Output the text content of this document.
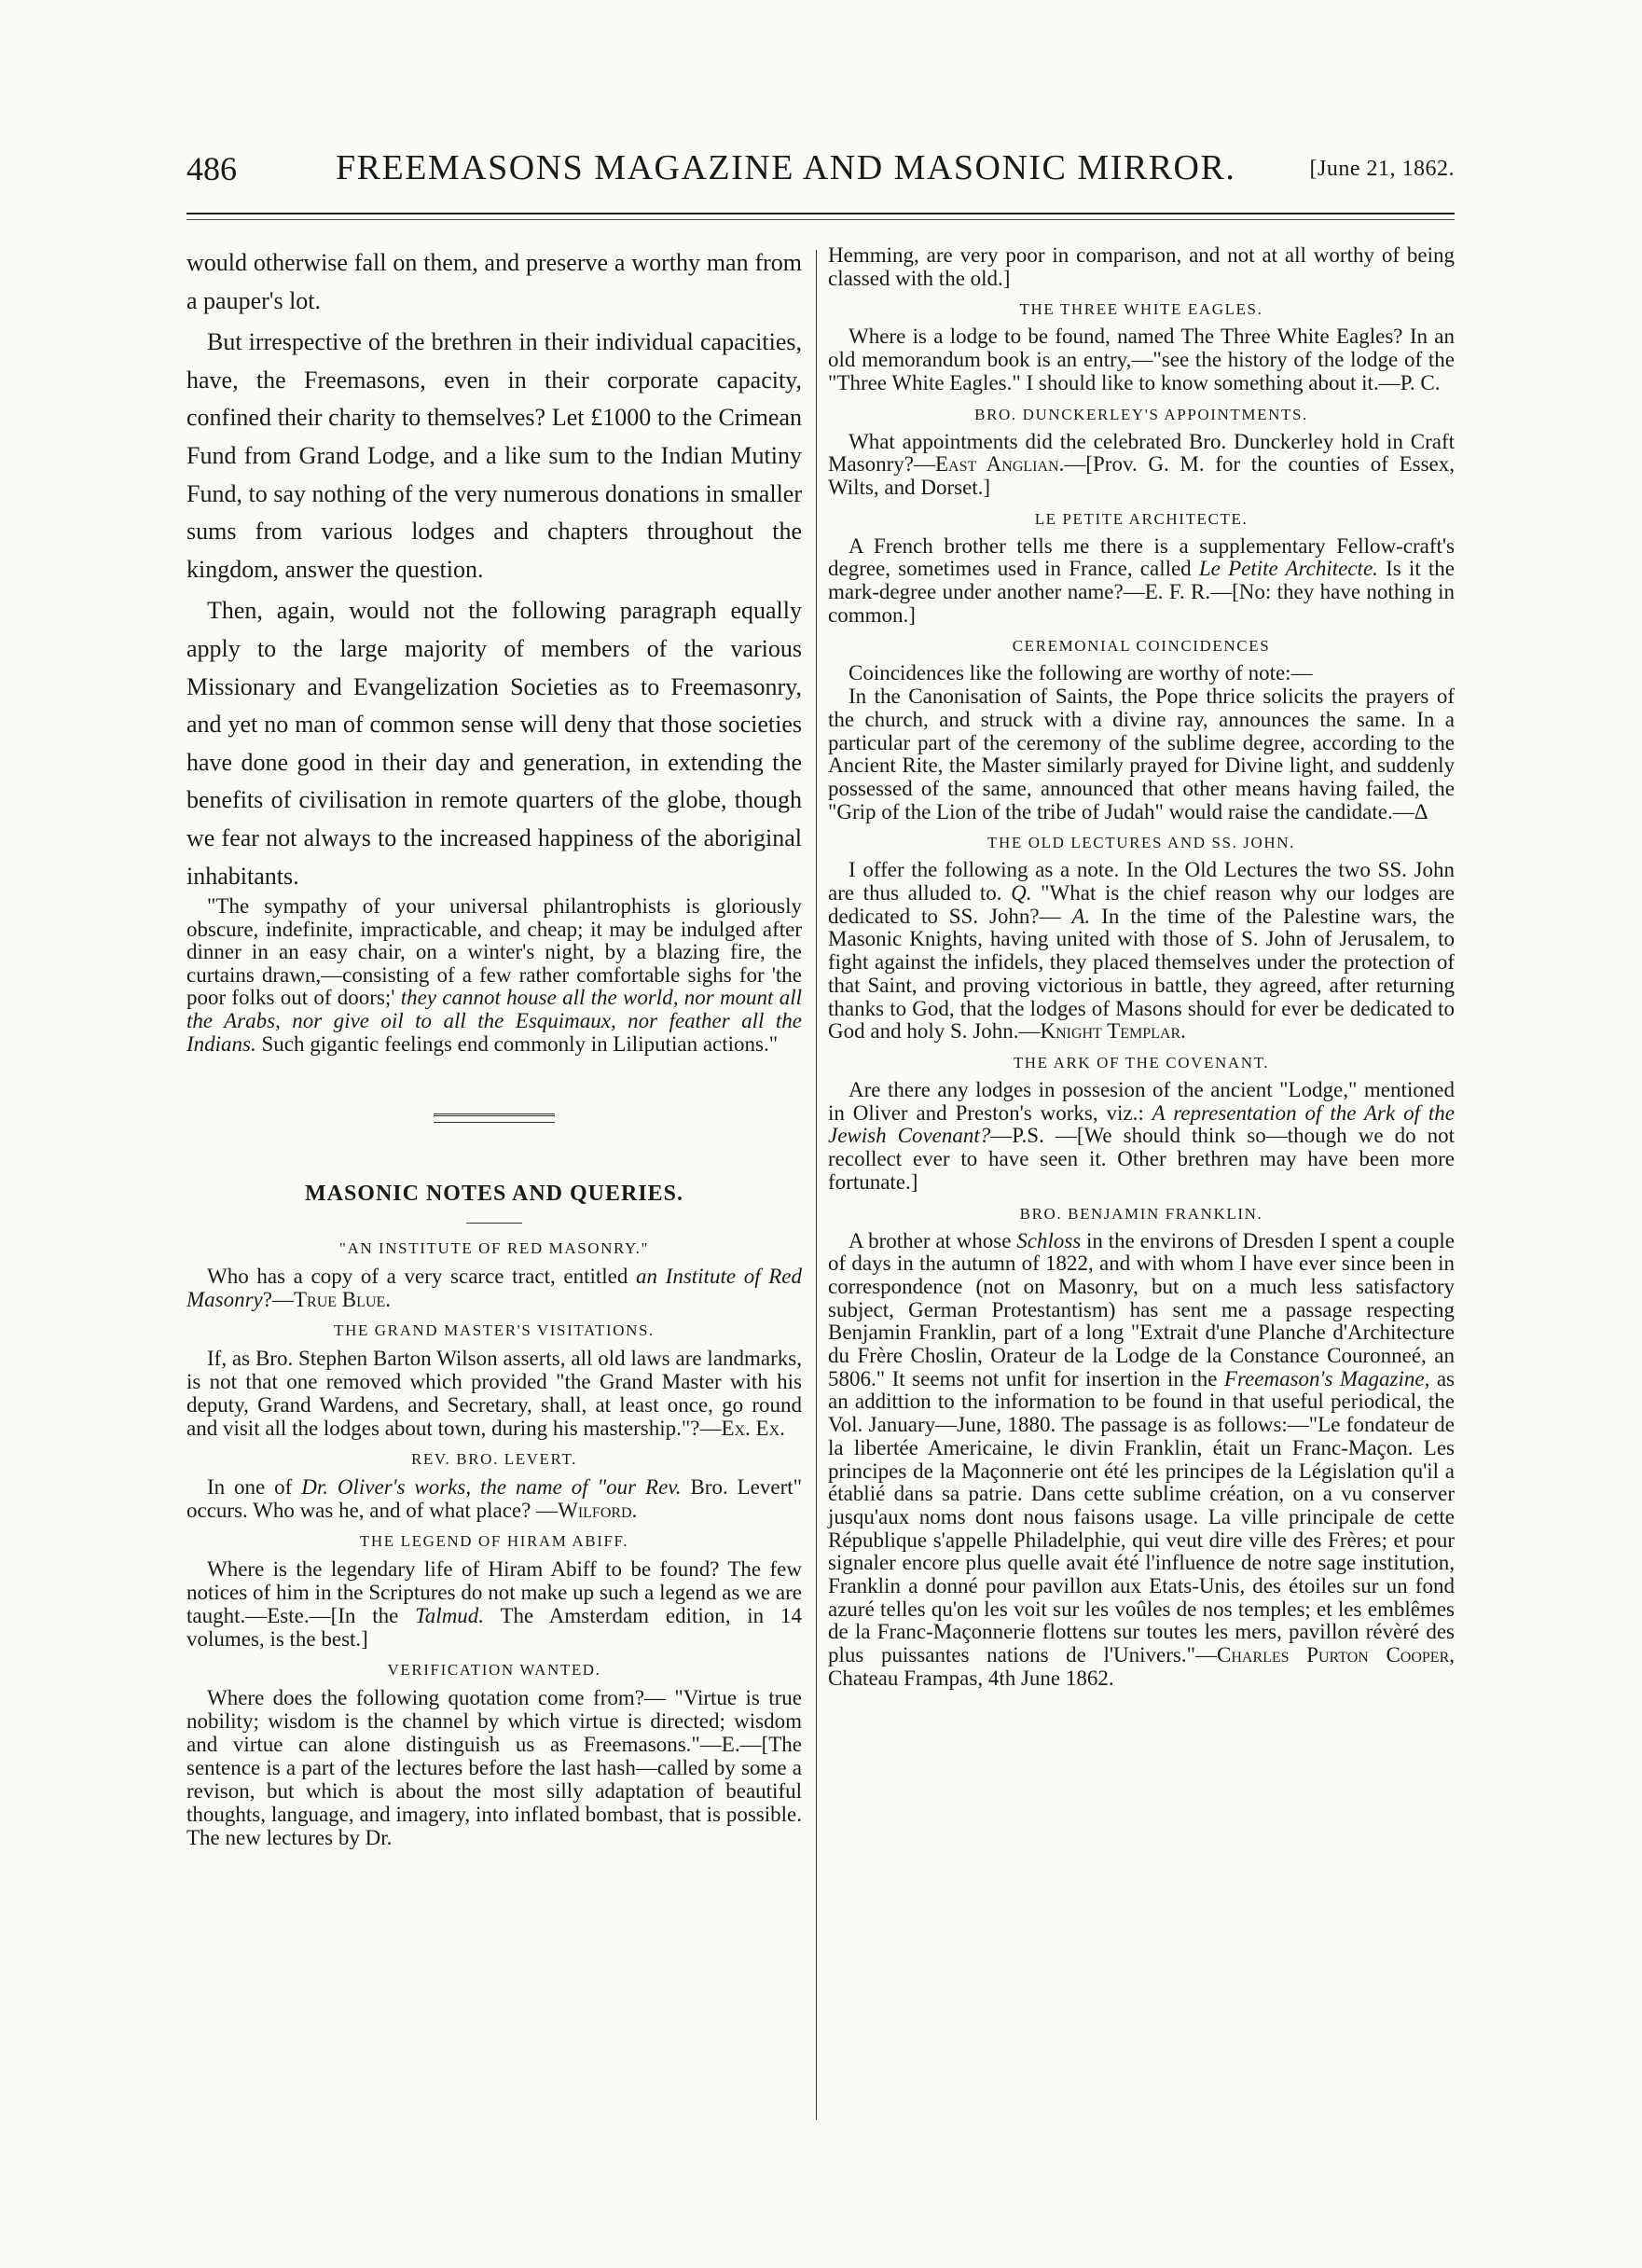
486	FREEMASONS MAGAZINE AND MASONIC MIRROR.	[June 21, 1862.

would otherwise fall on them, and preserve a worthy man from a pauper's lot.

But irrespective of the brethren in their individual capacities, have, the Freemasons, even in their corporate capacity, confined their charity to themselves? Let £1000 to the Crimean Fund from Grand Lodge, and a like sum to the Indian Mutiny Fund, to say nothing of the very numerous donations in smaller sums from various lodges and chapters throughout the kingdom, answer the question.

Then, again, would not the following paragraph equally apply to the large majority of members of the various Missionary and Evangelization Societies as to Freemasonry, and yet no man of common sense will deny that those societies have done good in their day and generation, in extending the benefits of civilisation in remote quarters of the globe, though we fear not always to the increased happiness of the aboriginal inhabitants.

"The sympathy of your universal philantrophists is gloriously obscure, indefinite, impracticable, and cheap; it may be indulged after dinner in an easy chair, on a winter's night, by a blazing fire, the curtains drawn,—consisting of a few rather comfortable sighs for 'the poor folks out of doors;' they cannot house all the world, nor mount all the Arabs, nor give oil to all the Esquimaux, nor feather all the Indians. Such gigantic feelings end commonly in Liliputian actions."

MASONIC NOTES AND QUERIES.
"AN INSTITUTE OF RED MASONRY."

Who has a copy of a very scarce tract, entitled an Institute of Red Masonry?—True Blue.

THE GRAND MASTER'S VISITATIONS.

If, as Bro. Stephen Barton Wilson asserts, all old laws are landmarks, is not that one removed which provided "the Grand Master with his deputy, Grand Wardens, and Secretary, shall, at least once, go round and visit all the lodges about town, during his mastership."?—Ex. Ex.

REV. BRO. LEVERT.

In one of Dr. Oliver's works, the name of "our Rev. Bro. Levert" occurs. Who was he, and of what place? —Wilford.

THE LEGEND OF HIRAM ABIFF.

Where is the legendary life of Hiram Abiff to be found? The few notices of him in the Scriptures do not make up such a legend as we are taught.—Este.—[In the Talmud. The Amsterdam edition, in 14 volumes, is the best.]

VERIFICATION WANTED.

Where does the following quotation come from?— "Virtue is true nobility; wisdom is the channel by which virtue is directed; wisdom and virtue can alone distinguish us as Freemasons."—E.—[The sentence is a part of the lectures before the last hash—called by some a revison, but which is about the most silly adaptation of beautiful thoughts, language, and imagery, into inflated bombast, that is possible. The new lectures by Dr.

Hemming, are very poor in comparison, and not at all worthy of being classed with the old.]

THE THREE WHITE EAGLES.

Where is a lodge to be found, named The Three White Eagles? In an old memorandum book is an entry,—"see the history of the lodge of the "Three White Eagles." I should like to know something about it.—P. C.

BRO. DUNCKERLEY'S APPOINTMENTS.

What appointments did the celebrated Bro. Dunckerley hold in Craft Masonry?—East Anglian.—[Prov. G. M. for the counties of Essex, Wilts, and Dorset.]

LE PETITE ARCHITECTE.

A French brother tells me there is a supplementary Fellow-craft's degree, sometimes used in France, called Le Petite Architecte. Is it the mark-degree under another name?—E. F. R.—[No: they have nothing in common.]

CEREMONIAL COINCIDENCES

Coincidences like the following are worthy of note:—

In the Canonisation of Saints, the Pope thrice solicits the prayers of the church, and struck with a divine ray, announces the same. In a particular part of the ceremony of the sublime degree, according to the Ancient Rite, the Master similarly prayed for Divine light, and suddenly possessed of the same, announced that other means having failed, the "Grip of the Lion of the tribe of Judah" would raise the candidate.—Δ

THE OLD LECTURES AND SS. JOHN.

I offer the following as a note. In the Old Lectures the two SS. John are thus alluded to. Q. "What is the chief reason why our lodges are dedicated to SS. John?— A. In the time of the Palestine wars, the Masonic Knights, having united with those of S. John of Jerusalem, to fight against the infidels, they placed themselves under the protection of that Saint, and proving victorious in battle, they agreed, after returning thanks to God, that the lodges of Masons should for ever be dedicated to God and holy S. John.—Knight Templar.

THE ARK OF THE COVENANT.

Are there any lodges in possesion of the ancient "Lodge," mentioned in Oliver and Preston's works, viz.: A representation of the Ark of the Jewish Covenant?—P.S. —[We should think so—though we do not recollect ever to have seen it. Other brethren may have been more fortunate.]

BRO. BENJAMIN FRANKLIN.

A brother at whose Schloss in the environs of Dresden I spent a couple of days in the autumn of 1822, and with whom I have ever since been in correspondence (not on Masonry, but on a much less satisfactory subject, German Protestantism) has sent me a passage respecting Benjamin Franklin, part of a long "Extrait d'une Planche d'Architecture du Frère Choslin, Orateur de la Lodge de la Constance Couronneé, an 5806." It seems not unfit for insertion in the Freemason's Magazine, as an addittion to the information to be found in that useful periodical, the Vol. January—June, 1880. The passage is as follows:—"Le fondateur de la libertée Americaine, le divin Franklin, était un Franc-Maçon. Les principes de la Maçonnerie ont été les principes de la Législation qu'il a établié dans sa patrie. Dans cette sublime création, on a vu conserver jusqu'aux noms dont nous faisons usage. La ville principale de cette République s'appelle Philadelphie, qui veut dire ville des Frères; et pour signaler encore plus quelle avait été l'influence de notre sage institution, Franklin a donné pour pavillon aux Etats-Unis, des étoiles sur un fond azuré telles qu'on les voit sur les voûles de nos temples; et les emblêmes de la Franc-Maçonnerie flottens sur toutes les mers, pavillon révèré des plus puissantes nations de l'Univers."—Charles Purton Cooper, Chateau Frampas, 4th June 1862.
